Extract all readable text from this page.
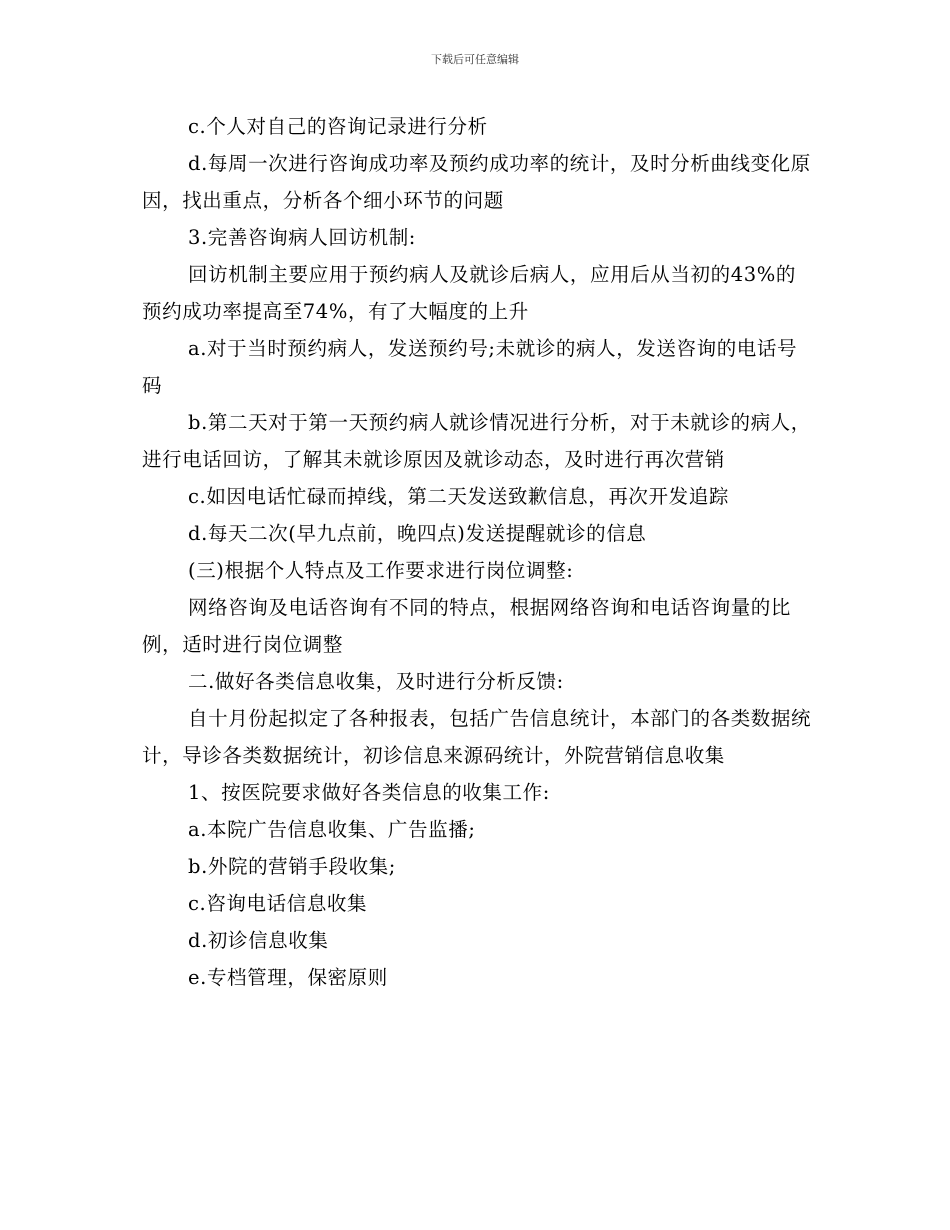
下载后可任意编辑

c.个人对自己的咨询记录进行分析

d.每周一次进行咨询成功率及预约成功率的统计，及时分析曲线变化原因，找出重点，分析各个细小环节的问题

3.完善咨询病人回访机制:

回访机制主要应用于预约病人及就诊后病人，应用后从当初的43%的预约成功率提高至74%，有了大幅度的上升

a.对于当时预约病人，发送预约号;未就诊的病人，发送咨询的电话号码

b.第二天对于第一天预约病人就诊情况进行分析，对于未就诊的病人，进行电话回访，了解其未就诊原因及就诊动态，及时进行再次营销

c.如因电话忙碌而掉线，第二天发送致歉信息，再次开发追踪

d.每天二次(早九点前，晚四点)发送提醒就诊的信息

(三)根据个人特点及工作要求进行岗位调整:

网络咨询及电话咨询有不同的特点，根据网络咨询和电话咨询量的比例，适时进行岗位调整

二.做好各类信息收集，及时进行分析反馈:

自十月份起拟定了各种报表，包括广告信息统计，本部门的各类数据统计，导诊各类数据统计，初诊信息来源码统计，外院营销信息收集

1、按医院要求做好各类信息的收集工作:

a.本院广告信息收集、广告监播;

b.外院的营销手段收集;

c.咨询电话信息收集

d.初诊信息收集

e.专档管理，保密原则
